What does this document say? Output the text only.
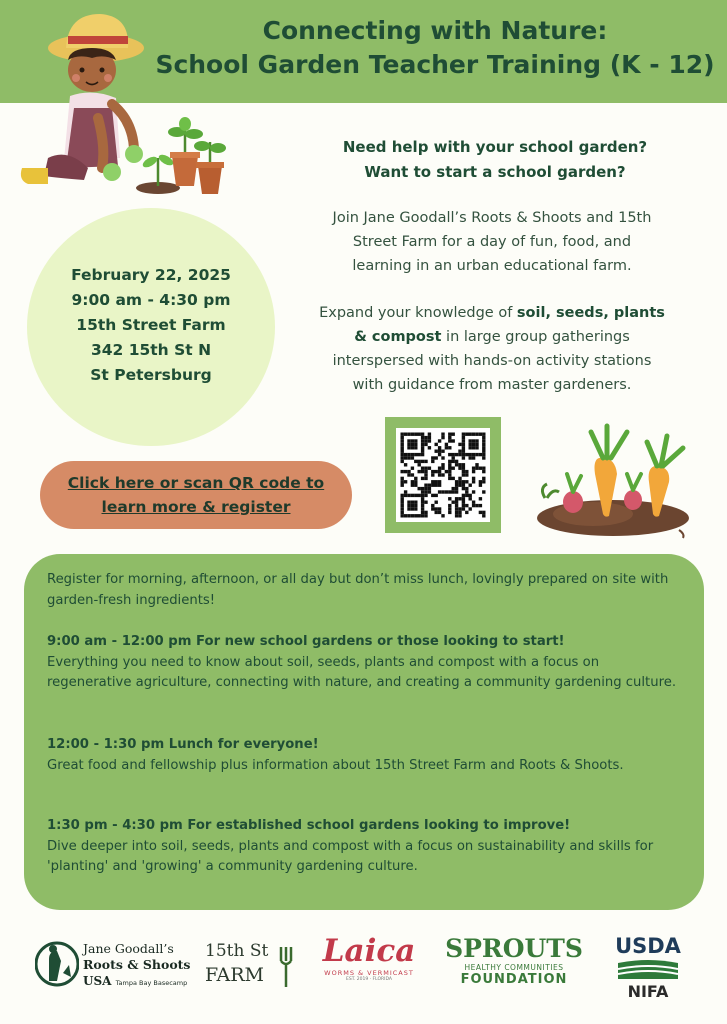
Connecting with Nature:
School Garden Teacher Training (K - 12)
Need help with your school garden?
Want to start a school garden?
Join Jane Goodall’s Roots & Shoots and 15th
Street Farm for a day of fun, food, and
learning in an urban educational farm.
Expand your knowledge of soil, seeds, plants
& compost in large group gatherings
interspersed with hands-on activity stations
with guidance from master gardeners.
February 22, 2025
9:00 am - 4:30 pm
15th Street Farm
342 15th St N
St Petersburg
Click here or scan QR code to
learn more & register
Register for morning, afternoon, or all day but don’t miss lunch, lovingly prepared on site with garden-fresh ingredients!
9:00 am - 12:00 pm For new school gardens or those looking to start!
Everything you need to know about soil, seeds, plants and compost with a focus on regenerative agriculture, connecting with nature, and creating a community gardening culture.
12:00 - 1:30 pm Lunch for everyone!
Great food and fellowship plus information about 15th Street Farm and Roots & Shoots.
1:30 pm - 4:30 pm For established school gardens looking to improve!
Dive deeper into soil, seeds, plants and compost with a focus on sustainability and skills for 'planting' and 'growing' a community gardening culture.
Jane Goodall’s
Roots & Shoots
USA Tampa Bay Basecamp
15th St
FARM
Laica
WORMS & VERMICAST
EST. 2019 · FLORIDA
SPROUTS
HEALTHY COMMUNITIES
FOUNDATION
USDA
NIFA
